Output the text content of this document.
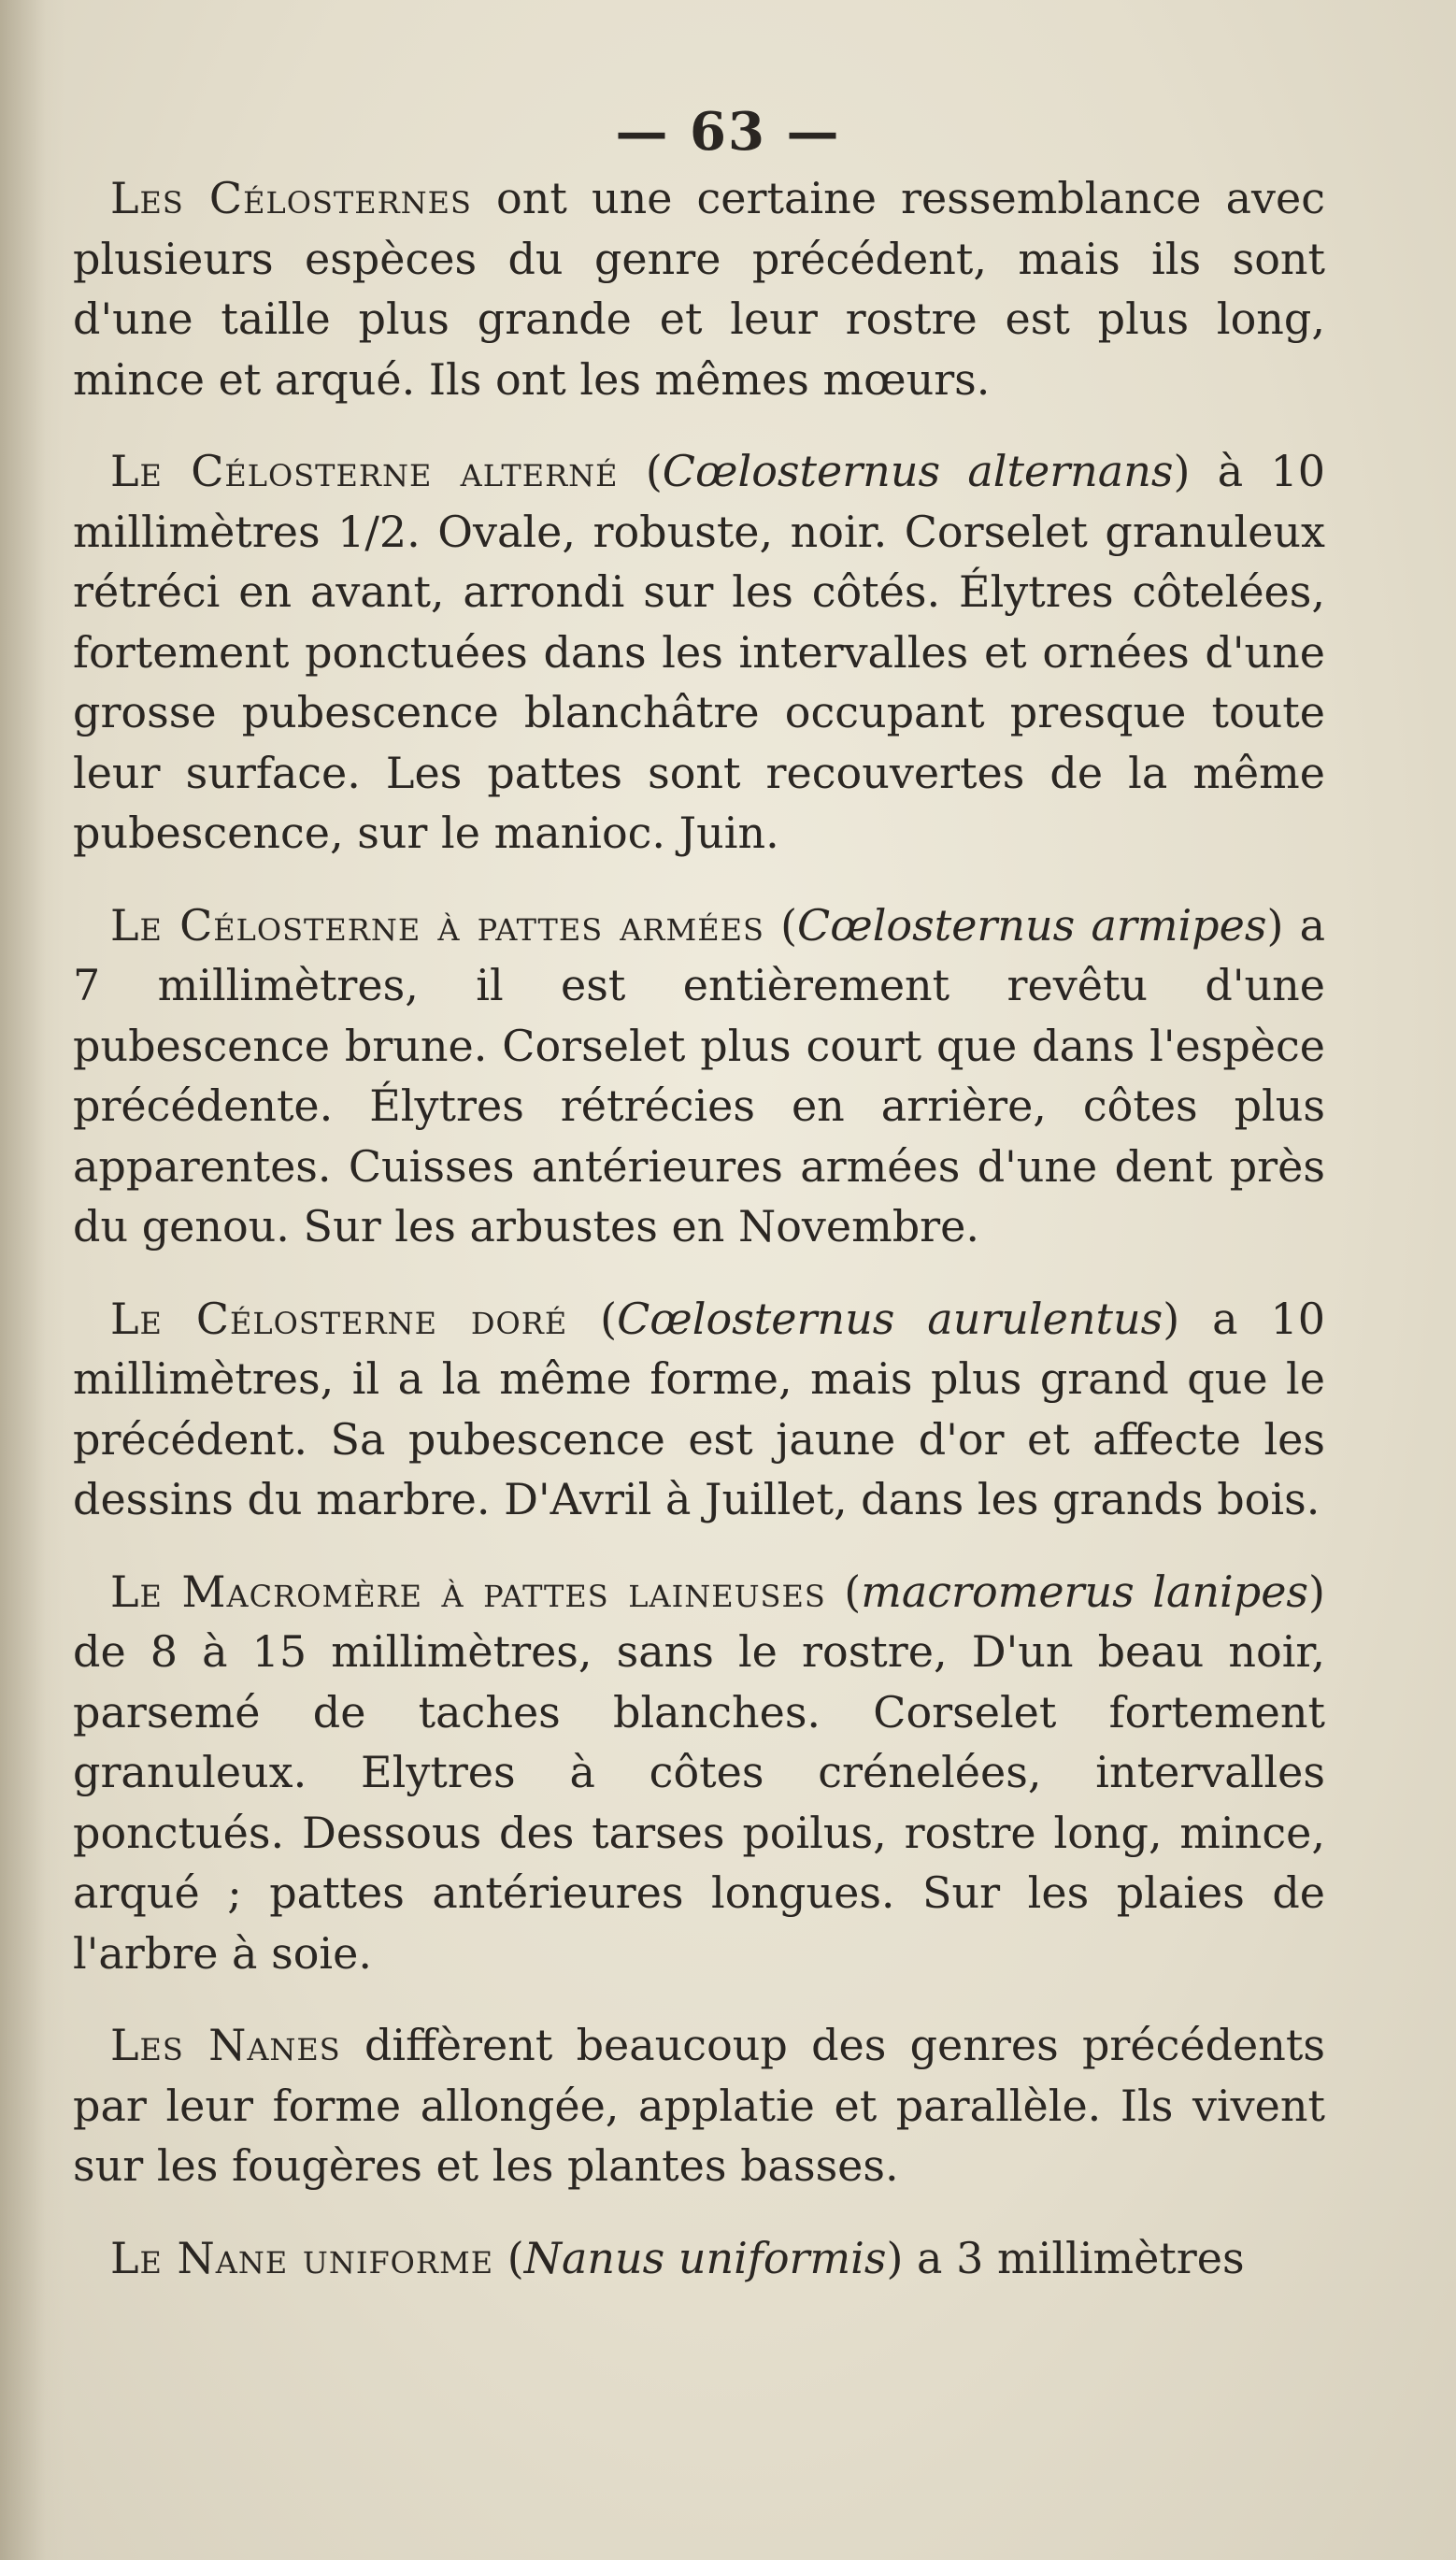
— 63 —

Les Célosternes ont une certaine ressemblance avec plusieurs espèces du genre précédent, mais ils sont d'une taille plus grande et leur rostre est plus long, mince et arqué. Ils ont les mêmes mœurs.

Le Célosterne alterné (Cœlosternus alternans) à 10 millimètres 1/2. Ovale, robuste, noir. Corselet granuleux rétréci en avant, arrondi sur les côtés. Élytres côtelées, fortement ponctuées dans les intervalles et ornées d'une grosse pubescence blanchâtre occupant presque toute leur surface. Les pattes sont recouvertes de la même pubescence, sur le manioc. Juin.

Le Célosterne à pattes armées (Cœlosternus armipes) a 7 millimètres, il est entièrement revêtu d'une pubescence brune. Corselet plus court que dans l'espèce précédente. Élytres rétrécies en arrière, côtes plus apparentes. Cuisses antérieures armées d'une dent près du genou. Sur les arbustes en Novembre.

Le Célosterne doré (Cœlosternus aurulentus) a 10 millimètres, il a la même forme, mais plus grand que le précédent. Sa pubescence est jaune d'or et affecte les dessins du marbre. D'Avril à Juillet, dans les grands bois.

Le Macromère à pattes laineuses (macromerus lanipes) de 8 à 15 millimètres, sans le rostre, D'un beau noir, parsemé de taches blanches. Corselet fortement granuleux. Elytres à côtes crénelées, intervalles ponctués. Dessous des tarses poilus, rostre long, mince, arqué ; pattes antérieures longues. Sur les plaies de l'arbre à soie.

Les Nanes diffèrent beaucoup des genres précédents par leur forme allongée, applatie et parallèle. Ils vivent sur les fougères et les plantes basses.

Le Nane uniforme (Nanus uniformis) a 3 millimètres
